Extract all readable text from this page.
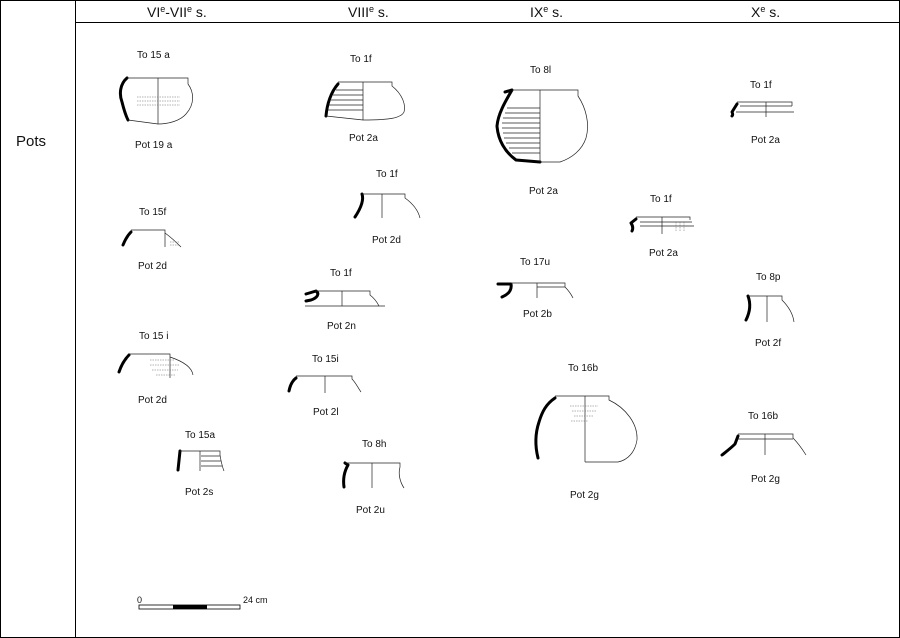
VIe-VIIe s.	VIIIe s.	IXe s.	Xe s.
Pots
To 15 a
Pot 19 a
To 15f
Pot 2d
To 15 i
Pot 2d
To 15a
Pot 2s
To 1f
Pot 2a
To 1f
Pot 2d
To 1f
Pot 2n
To 15i
Pot 2l
To 8h
Pot 2u
To 8l
Pot 2a
To 1f
Pot 2a
To 17u
Pot 2b
To 16b
Pot 2g
To 1f
Pot 2a
To 8p
Pot 2f
To 16b
Pot 2g
0	24 cm
